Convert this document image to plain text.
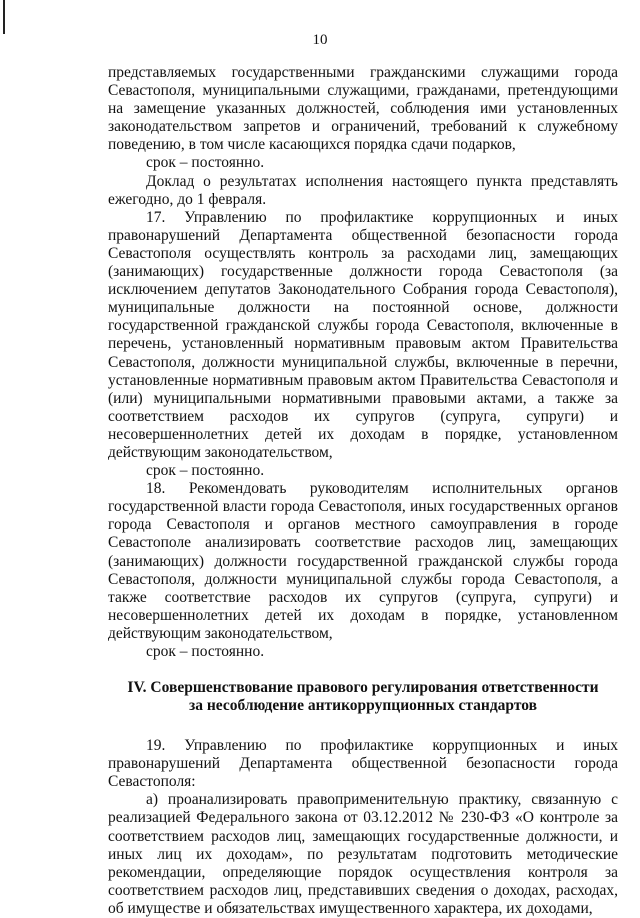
10

представляемых государственными гражданскими служащими города Севастополя, муниципальными служащими, гражданами, претендующими на замещение указанных должностей, соблюдения ими установленных законодательством запретов и ограничений, требований к служебному поведению, в том числе касающихся порядка сдачи подарков,

срок – постоянно.

Доклад о результатах исполнения настоящего пункта представлять ежегодно, до 1 февраля.

17. Управлению по профилактике коррупционных и иных правонарушений Департамента общественной безопасности города Севастополя осуществлять контроль за расходами лиц, замещающих (занимающих) государственные должности города Севастополя (за исключением депутатов Законодательного Собрания города Севастополя), муниципальные должности на постоянной основе, должности государственной гражданской службы города Севастополя, включенные в перечень, установленный нормативным правовым актом Правительства Севастополя, должности муниципальной службы, включенные в перечни, установленные нормативным правовым актом Правительства Севастополя и (или) муниципальными нормативными правовыми актами, а также за соответствием расходов их супругов (супруга, супруги) и несовершеннолетних детей их доходам в порядке, установленном действующим законодательством,

срок – постоянно.

18. Рекомендовать руководителям исполнительных органов государственной власти города Севастополя, иных государственных органов города Севастополя и органов местного самоуправления в городе Севастополе анализировать соответствие расходов лиц, замещающих (занимающих) должности государственной гражданской службы города Севастополя, должности муниципальной службы города Севастополя, а также соответствие расходов их супругов (супруга, супруги) и несовершеннолетних детей их доходам в порядке, установленном действующим законодательством,

срок – постоянно.

IV. Совершенствование правового регулирования ответственности
за несоблюдение антикоррупционных стандартов

19. Управлению по профилактике коррупционных и иных правонарушений Департамента общественной безопасности города Севастополя:

а) проанализировать правоприменительную практику, связанную с реализацией Федерального закона от 03.12.2012 № 230-ФЗ «О контроле за соответствием расходов лиц, замещающих государственные должности, и иных лиц их доходам», по результатам подготовить методические рекомендации, определяющие порядок осуществления контроля за соответствием расходов лиц, представивших сведения о доходах, расходах, об имуществе и обязательствах имущественного характера, их доходами,
